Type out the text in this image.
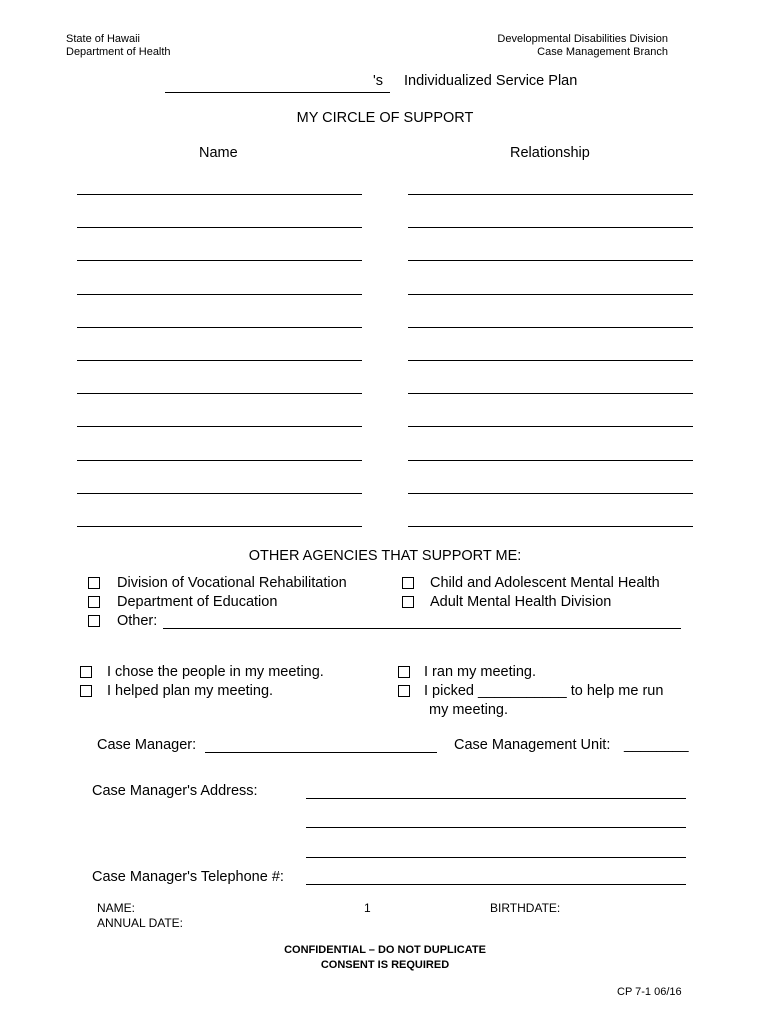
State of Hawaii
Department of Health
Developmental Disabilities Division
Case Management Branch
's Individualized Service Plan
MY CIRCLE OF SUPPORT
Name	Relationship
OTHER AGENCIES THAT SUPPORT ME:
Division of Vocational Rehabilitation	Child and Adolescent Mental Health
Department of Education	Adult Mental Health Division
Other:
I chose the people in my meeting.	I ran my meeting.
I helped plan my meeting.	I picked ___________ to help me run
my meeting.
Case Manager:	Case Management Unit: ________
Case Manager's Address:
Case Manager's Telephone #:
NAME:
ANNUAL DATE:
1	BIRTHDATE:
CONFIDENTIAL – DO NOT DUPLICATE
CONSENT IS REQUIRED
CP 7-1 06/16
